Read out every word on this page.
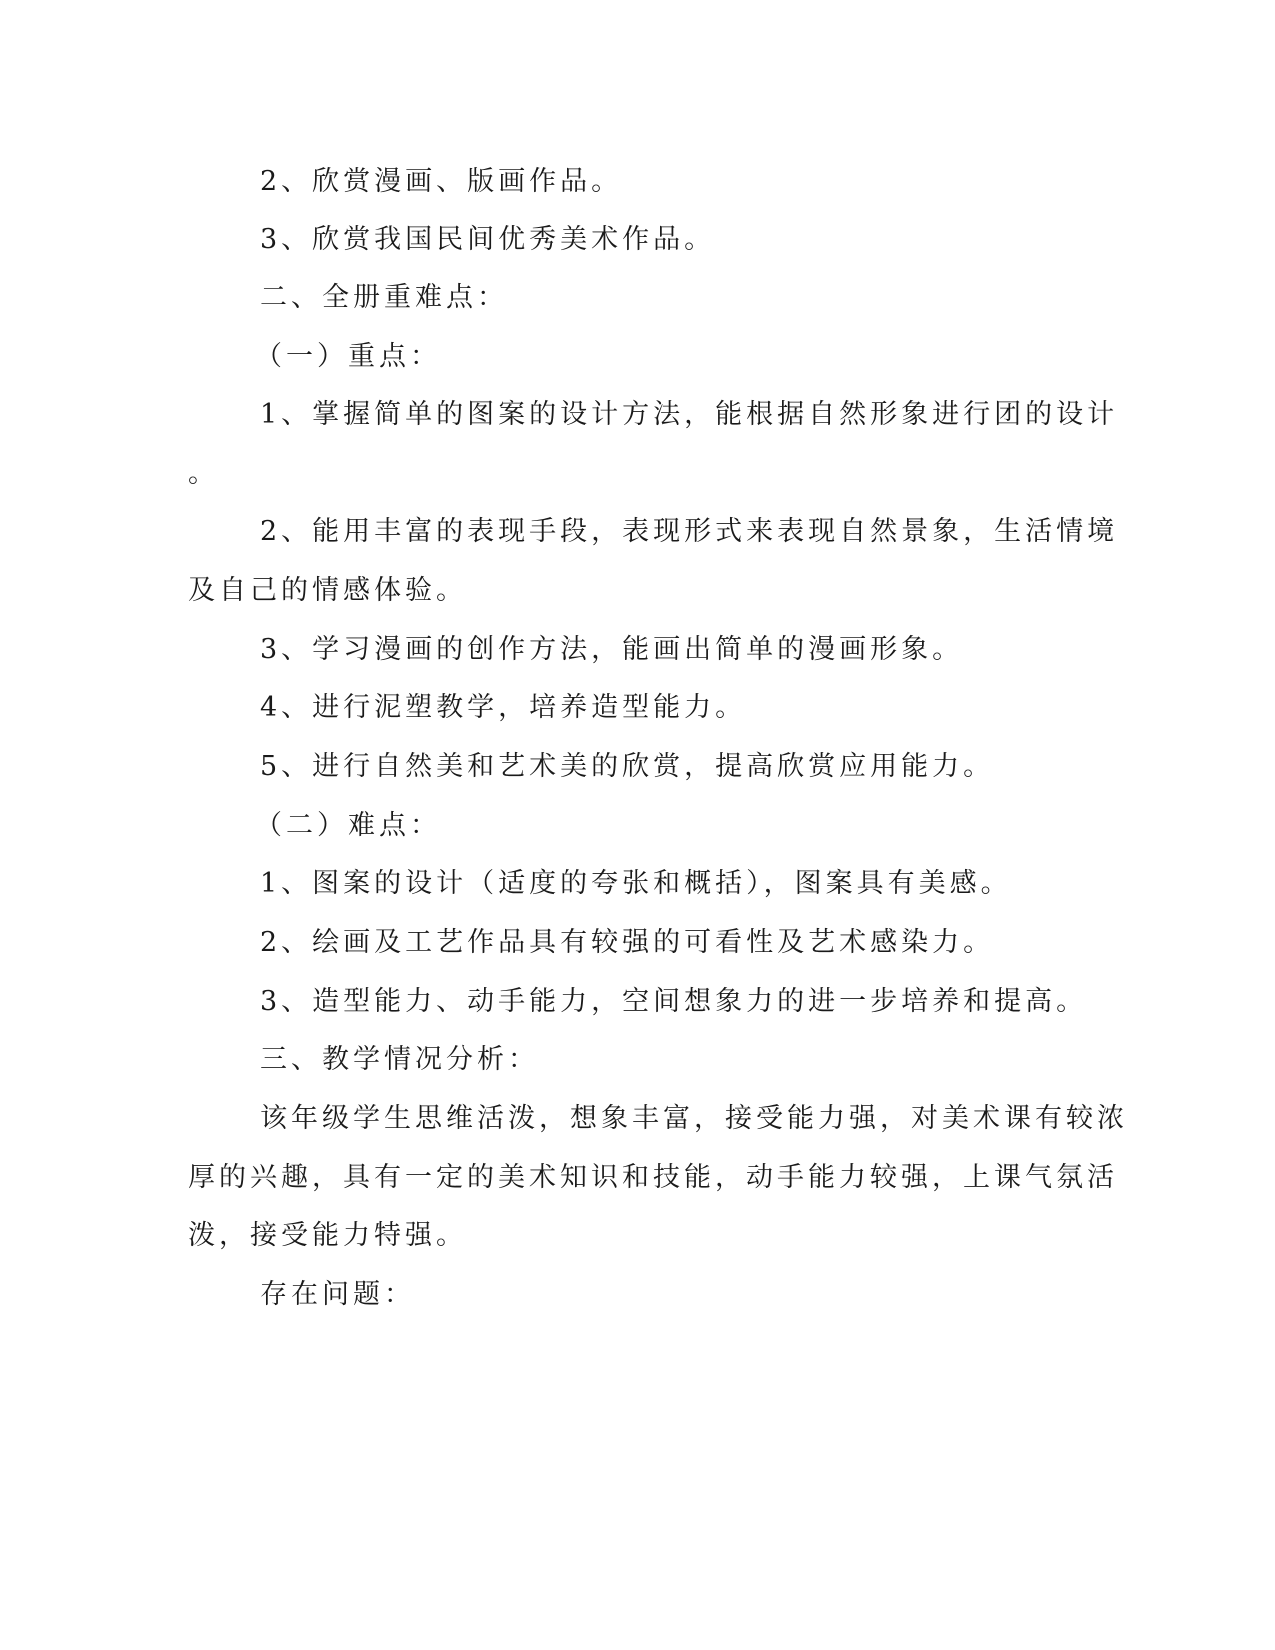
2、欣赏漫画、版画作品。
3、欣赏我国民间优秀美术作品。
二、全册重难点：
（一）重点：
1、掌握简单的图案的设计方法，能根据自然形象进行团的设计
。
2、能用丰富的表现手段，表现形式来表现自然景象，生活情境
及自己的情感体验。
3、学习漫画的创作方法，能画出简单的漫画形象。
4、进行泥塑教学，培养造型能力。
5、进行自然美和艺术美的欣赏，提高欣赏应用能力。
（二）难点：
1、图案的设计（适度的夸张和概括），图案具有美感。
2、绘画及工艺作品具有较强的可看性及艺术感染力。
3、造型能力、动手能力，空间想象力的进一步培养和提高。
三、教学情况分析：
该年级学生思维活泼，想象丰富，接受能力强，对美术课有较浓
厚的兴趣，具有一定的美术知识和技能，动手能力较强，上课气氛活
泼，接受能力特强。
存在问题：
